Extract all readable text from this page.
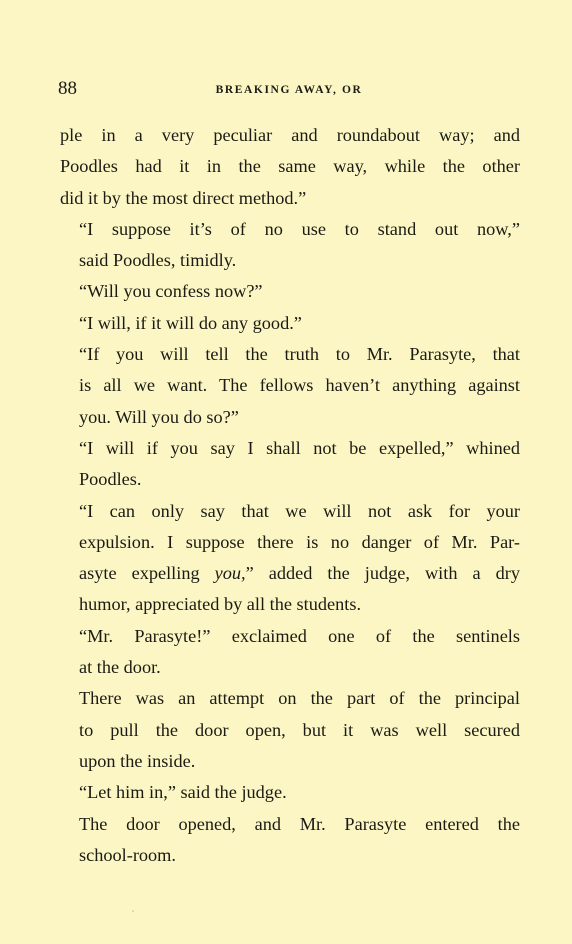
88	BREAKING AWAY, OR

ple in a very peculiar and roundabout way; and
Poodles had it in the same way, while the other
did it by the most direct method.”

“I suppose it’s of no use to stand out now,”
said Poodles, timidly.

“Will you confess now?”

“I will, if it will do any good.”

“If you will tell the truth to Mr. Parasyte, that
is all we want. The fellows haven’t anything against
you. Will you do so?”

“I will if you say I shall not be expelled,” whined
Poodles.

“I can only say that we will not ask for your
expulsion. I suppose there is no danger of Mr. Par-
asyte expelling you,” added the judge, with a dry
humor, appreciated by all the students.

“Mr. Parasyte!” exclaimed one of the sentinels
at the door.

There was an attempt on the part of the principal
to pull the door open, but it was well secured
upon the inside.

“Let him in,” said the judge.

The door opened, and Mr. Parasyte entered the
school-room.
